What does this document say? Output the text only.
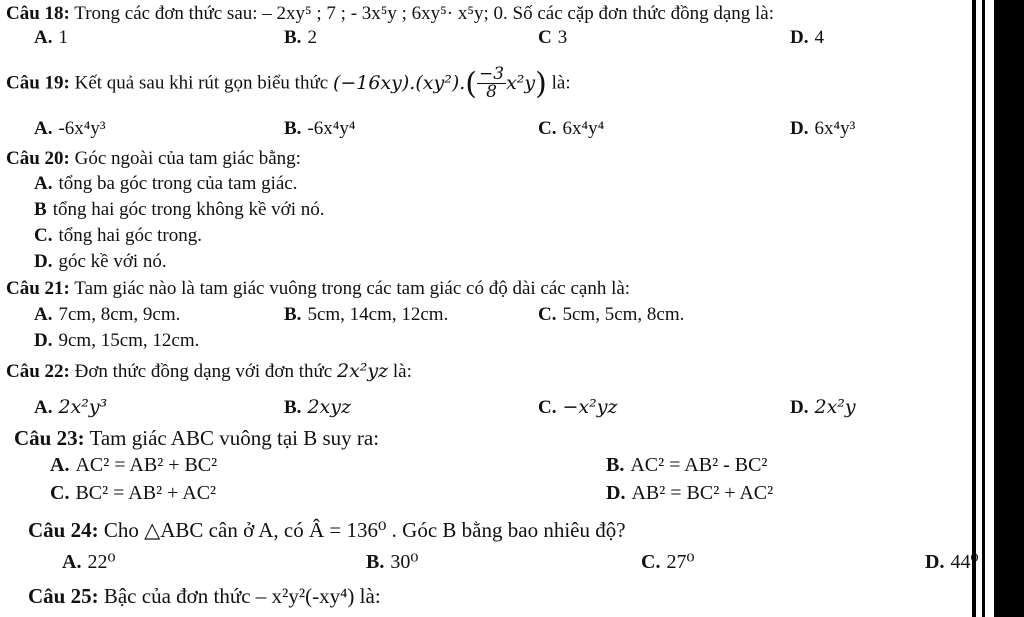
Câu 18: Trong các đơn thức sau: – 2xy⁵ ; 7 ; - 3x⁵y ; 6xy⁵· x⁵y; 0. Số các cặp đơn thức đồng dạng là:
A. 1	B. 2	C 3	D. 4
Câu 19: Kết quả sau khi rút gọn biểu thức $(-16xy).(xy^2).( \frac{-3}{8} x^2y)$ là:
A. -6x⁴y³	B. -6x⁴y⁴	C. 6x⁴y⁴	D. 6x⁴y³
Câu 20: Góc ngoài của tam giác bằng:
A. tổng ba góc trong của tam giác.
B tổng hai góc trong không kề với nó.
C. tổng hai góc trong.
D. góc kề với nó.
Câu 21: Tam giác nào là tam giác vuông trong các tam giác có độ dài các cạnh là:
A. 7cm, 8cm, 9cm.	B. 5cm, 14cm, 12cm.	C. 5cm, 5cm, 8cm.
D. 9cm, 15cm, 12cm.
Câu 22: Đơn thức đồng dạng với đơn thức 2x²yz là:
A. 2x²y³	B. 2xyz	C. −x²yz	D. 2x²y
Câu 23: Tam giác ABC vuông tại B suy ra:
A. AC² = AB² + BC²	B. AC² = AB² - BC²
C. BC² = AB² + AC²	D. AB² = BC² + AC²
Câu 24: Cho △ABC cân ở A, có Â = 136⁰ . Góc B bằng bao nhiêu độ?
A. 22⁰	B. 30⁰	C. 27⁰	D. 44⁰
Câu 25: Bậc của đơn thức – x²y²(-xy⁴) là:
